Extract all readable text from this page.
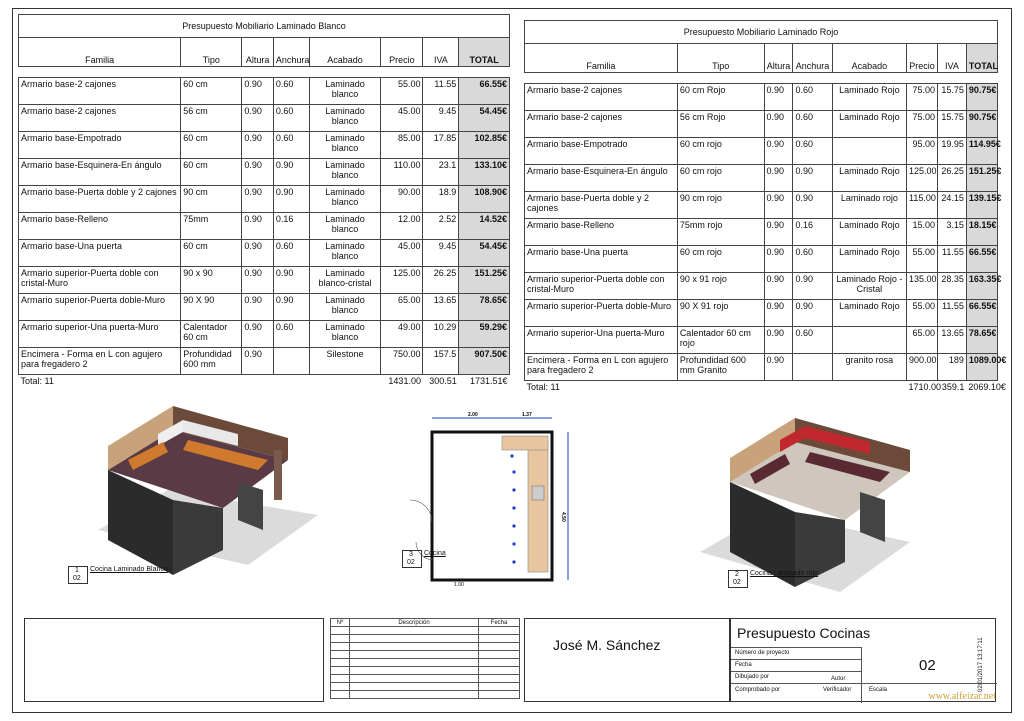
Presupuesto Mobiliario Laminado Blanco							
Familia	Tipo	Altura	Anchura	Acabado	Precio	IVA	TOTAL

Armario base-2 cajones	60 cm	0.90	0.60	Laminado blanco	55.00	11.55	66.55€
Armario base-2 cajones	56 cm	0.90	0.60	Laminado blanco	45.00	9.45	54.45€
Armario base-Empotrado	60 cm	0.90	0.60	Laminado blanco	85.00	17.85	102.85€
Armario base-Esquinera-En ángulo	60 cm	0.90	0.90	Laminado blanco	110.00	23.1	133.10€
Armario base-Puerta doble y 2 cajones	90 cm	0.90	0.90	Laminado blanco	90.00	18.9	108.90€
Armario base-Relleno	75mm	0.90	0.16	Laminado blanco	12.00	2.52	14.52€
Armario base-Una puerta	60 cm	0.90	0.60	Laminado blanco	45.00	9.45	54.45€
Armario superior-Puerta doble con cristal-Muro	90 x 90	0.90	0.90	Laminado blanco-cristal	125.00	26.25	151.25€
Armario superior-Puerta doble-Muro	90 X 90	0.90	0.90	Laminado blanco	65.00	13.65	78.65€
Armario superior-Una puerta-Muro	Calentador 60 cm	0.90	0.60	Laminado blanco	49.00	10.29	59.29€
Encimera - Forma en L con agujero para fregadero 2	Profundidad 600 mm	0.90		Silestone	750.00	157.5	907.50€
Total: 11					1431.00	300.51	1731.51€
Presupuesto Mobiliario Laminado Rojo							
Familia	Tipo	Altura	Anchura	Acabado	Precio	IVA	TOTAL

Armario base-2 cajones	60 cm Rojo	0.90	0.60	Laminado Rojo	75.00	15.75	90.75€
Armario base-2 cajones	56 cm Rojo	0.90	0.60	Laminado Rojo	75.00	15.75	90.75€
Armario base-Empotrado	60 cm rojo	0.90	0.60		95.00	19.95	114.95€
Armario base-Esquinera-En ángulo	60 cm rojo	0.90	0.90	Laminado Rojo	125.00	26.25	151.25€
Armario base-Puerta doble y 2 cajones	90 cm rojo	0.90	0.90	Laminado rojo	115.00	24.15	139.15€
Armario base-Relleno	75mm rojo	0.90	0.16	Laminado Rojo	15.00	3.15	18.15€
Armario base-Una puerta	60 cm rojo	0.90	0.60	Laminado Rojo	55.00	11.55	66.55€
Armario superior-Puerta doble con cristal-Muro	90 x 91 rojo	0.90	0.90	Laminado Rojo - Cristal	135.00	28.35	163.35€
Armario superior-Puerta doble-Muro	90 X 91 rojo	0.90	0.90	Laminado Rojo	55.00	11.55	66.55€
Armario superior-Una puerta-Muro	Calentador 60 cm rojo	0.90	0.60		65.00	13.65	78.65€
Encimera - Forma en L con agujero para fregadero 2	Profundidad 600 mm Granito	0.90		granito rosa	900.00	189	1089.00€
Total: 11					1710.00	359.1	2069.10€
1
02
Cocina Laminado Blanco
2.00	1.37
4.50
1.00
3
02
Cocina
2
02
Cocina Laminado rojo
Nº	Descripción	Fecha

José M. Sánchez
Presupuesto Cocinas
Número de proyecto
Fecha
Dibujado por	Autor
Comprobado por	Verificador	Escala
02	02/01/2017 13:17:11
www.alfeizar.net
